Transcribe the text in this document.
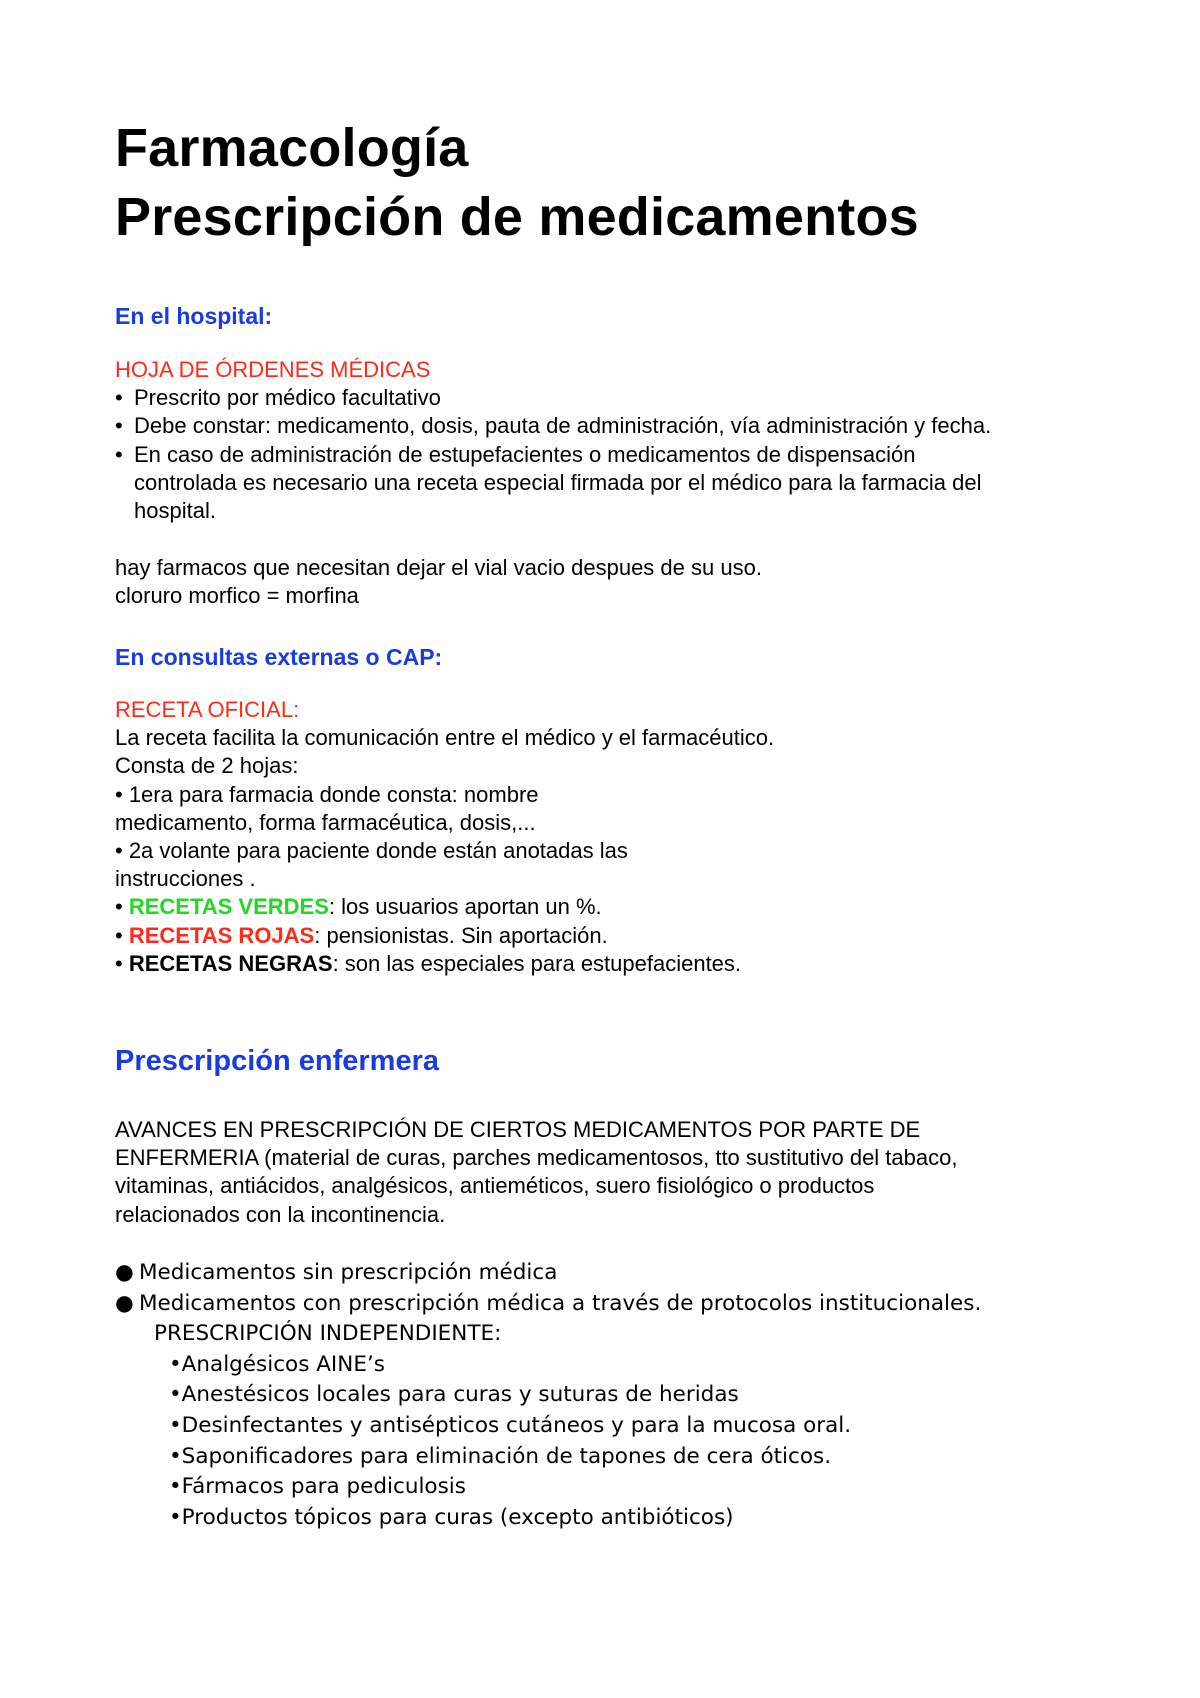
Farmacología
Prescripción de medicamentos
En el hospital:
HOJA DE ÓRDENES MÉDICAS
• Prescrito por médico facultativo
• Debe constar: medicamento, dosis, pauta de administración, vía administración y fecha.
• En caso de administración de estupefacientes o medicamentos de dispensación
controlada es necesario una receta especial firmada por el médico para la farmacia del
hospital.
hay farmacos que necesitan dejar el vial vacio despues de su uso.
cloruro morfico = morfina
En consultas externas o CAP:
RECETA OFICIAL:
La receta facilita la comunicación entre el médico y el farmacéutico.
Consta de 2 hojas:
• 1era para farmacia donde consta: nombre
medicamento, forma farmacéutica, dosis,...
• 2a volante para paciente donde están anotadas las
instrucciones .
• RECETAS VERDES: los usuarios aportan un %.
• RECETAS ROJAS: pensionistas. Sin aportación.
• RECETAS NEGRAS: son las especiales para estupefacientes.
Prescripción enfermera
AVANCES EN PRESCRIPCIÓN DE CIERTOS MEDICAMENTOS POR PARTE DE
ENFERMERIA (material de curas, parches medicamentosos, tto sustitutivo del tabaco,
vitaminas, antiácidos, analgésicos, antieméticos, suero fisiológico o productos
relacionados con la incontinencia.
● Medicamentos sin prescripción médica
● Medicamentos con prescripción médica a través de protocolos institucionales.
PRESCRIPCIÓN INDEPENDIENTE:
•Analgésicos AINE’s
•Anestésicos locales para curas y suturas de heridas
•Desinfectantes y antisépticos cutáneos y para la mucosa oral.
•Saponificadores para eliminación de tapones de cera óticos.
•Fármacos para pediculosis
•Productos tópicos para curas (excepto antibióticos)
